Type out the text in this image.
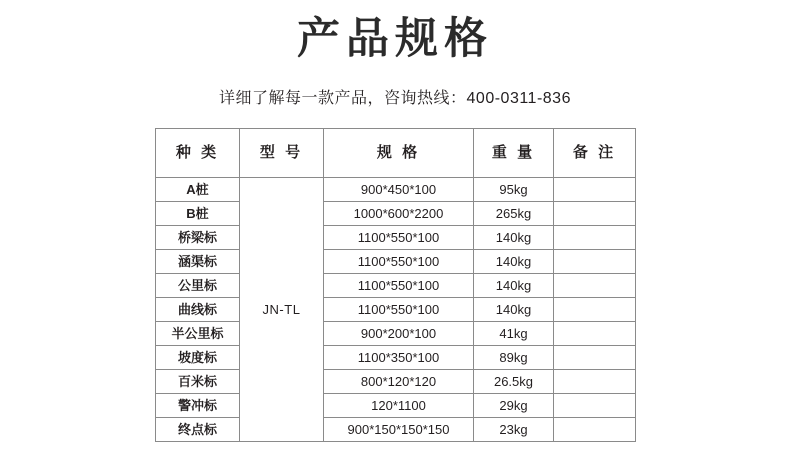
产品规格
详细了解每一款产品，咨询热线：400-0311-836
种 类	型 号	规 格	重 量	备 注
A桩	JN-TL	900*450*100	95kg	
B桩		1000*600*2200	265kg	
桥梁标		1100*550*100	140kg	
涵渠标		1100*550*100	140kg	
公里标		1100*550*100	140kg	
曲线标		1100*550*100	140kg	
半公里标		900*200*100	41kg	
坡度标		1100*350*100	89kg	
百米标		800*120*120	26.5kg	
警冲标		120*1100	29kg	
终点标		900*150*150*150	23kg	
